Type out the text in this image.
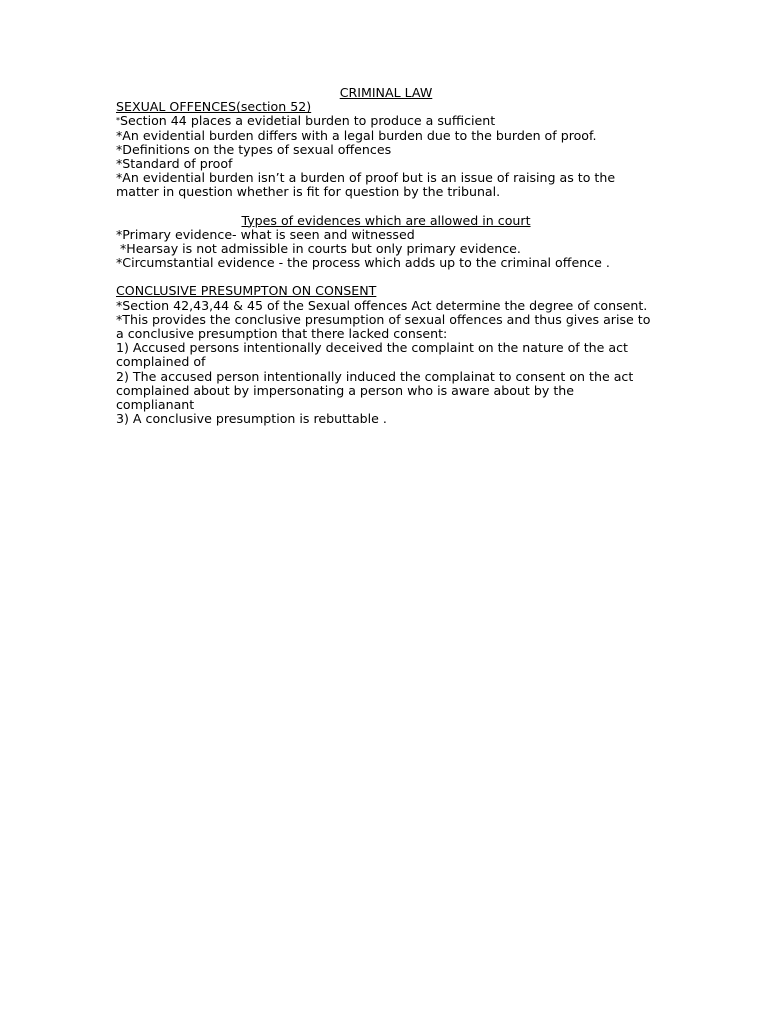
CRIMINAL LAW

SEXUAL OFFENCES(section 52)

*Section 44 places a evidetial burden to produce a sufficient

*An evidential burden differs with a legal burden due to the burden of proof.

*Definitions on the types of sexual offences

*Standard of proof

*An evidential burden isn’t a burden of proof but is an issue of raising as to the matter in question whether is fit for question by the tribunal.

Types of evidences which are allowed in court

*Primary evidence- what is seen and witnessed

*Hearsay is not admissible in courts but only primary evidence.

*Circumstantial evidence - the process which adds up to the criminal offence .

CONCLUSIVE PRESUMPTON ON CONSENT

*Section 42,43,44 & 45 of the Sexual offences Act determine the degree of consent.

*This provides the conclusive presumption of sexual offences and thus gives arise to a conclusive presumption that there lacked consent:

1) Accused persons intentionally deceived the complaint on the nature of the act complained of

2) The accused person intentionally induced the complainat to consent on the act complained about by impersonating a person who is aware about by the complianant

3) A conclusive presumption is rebuttable .
